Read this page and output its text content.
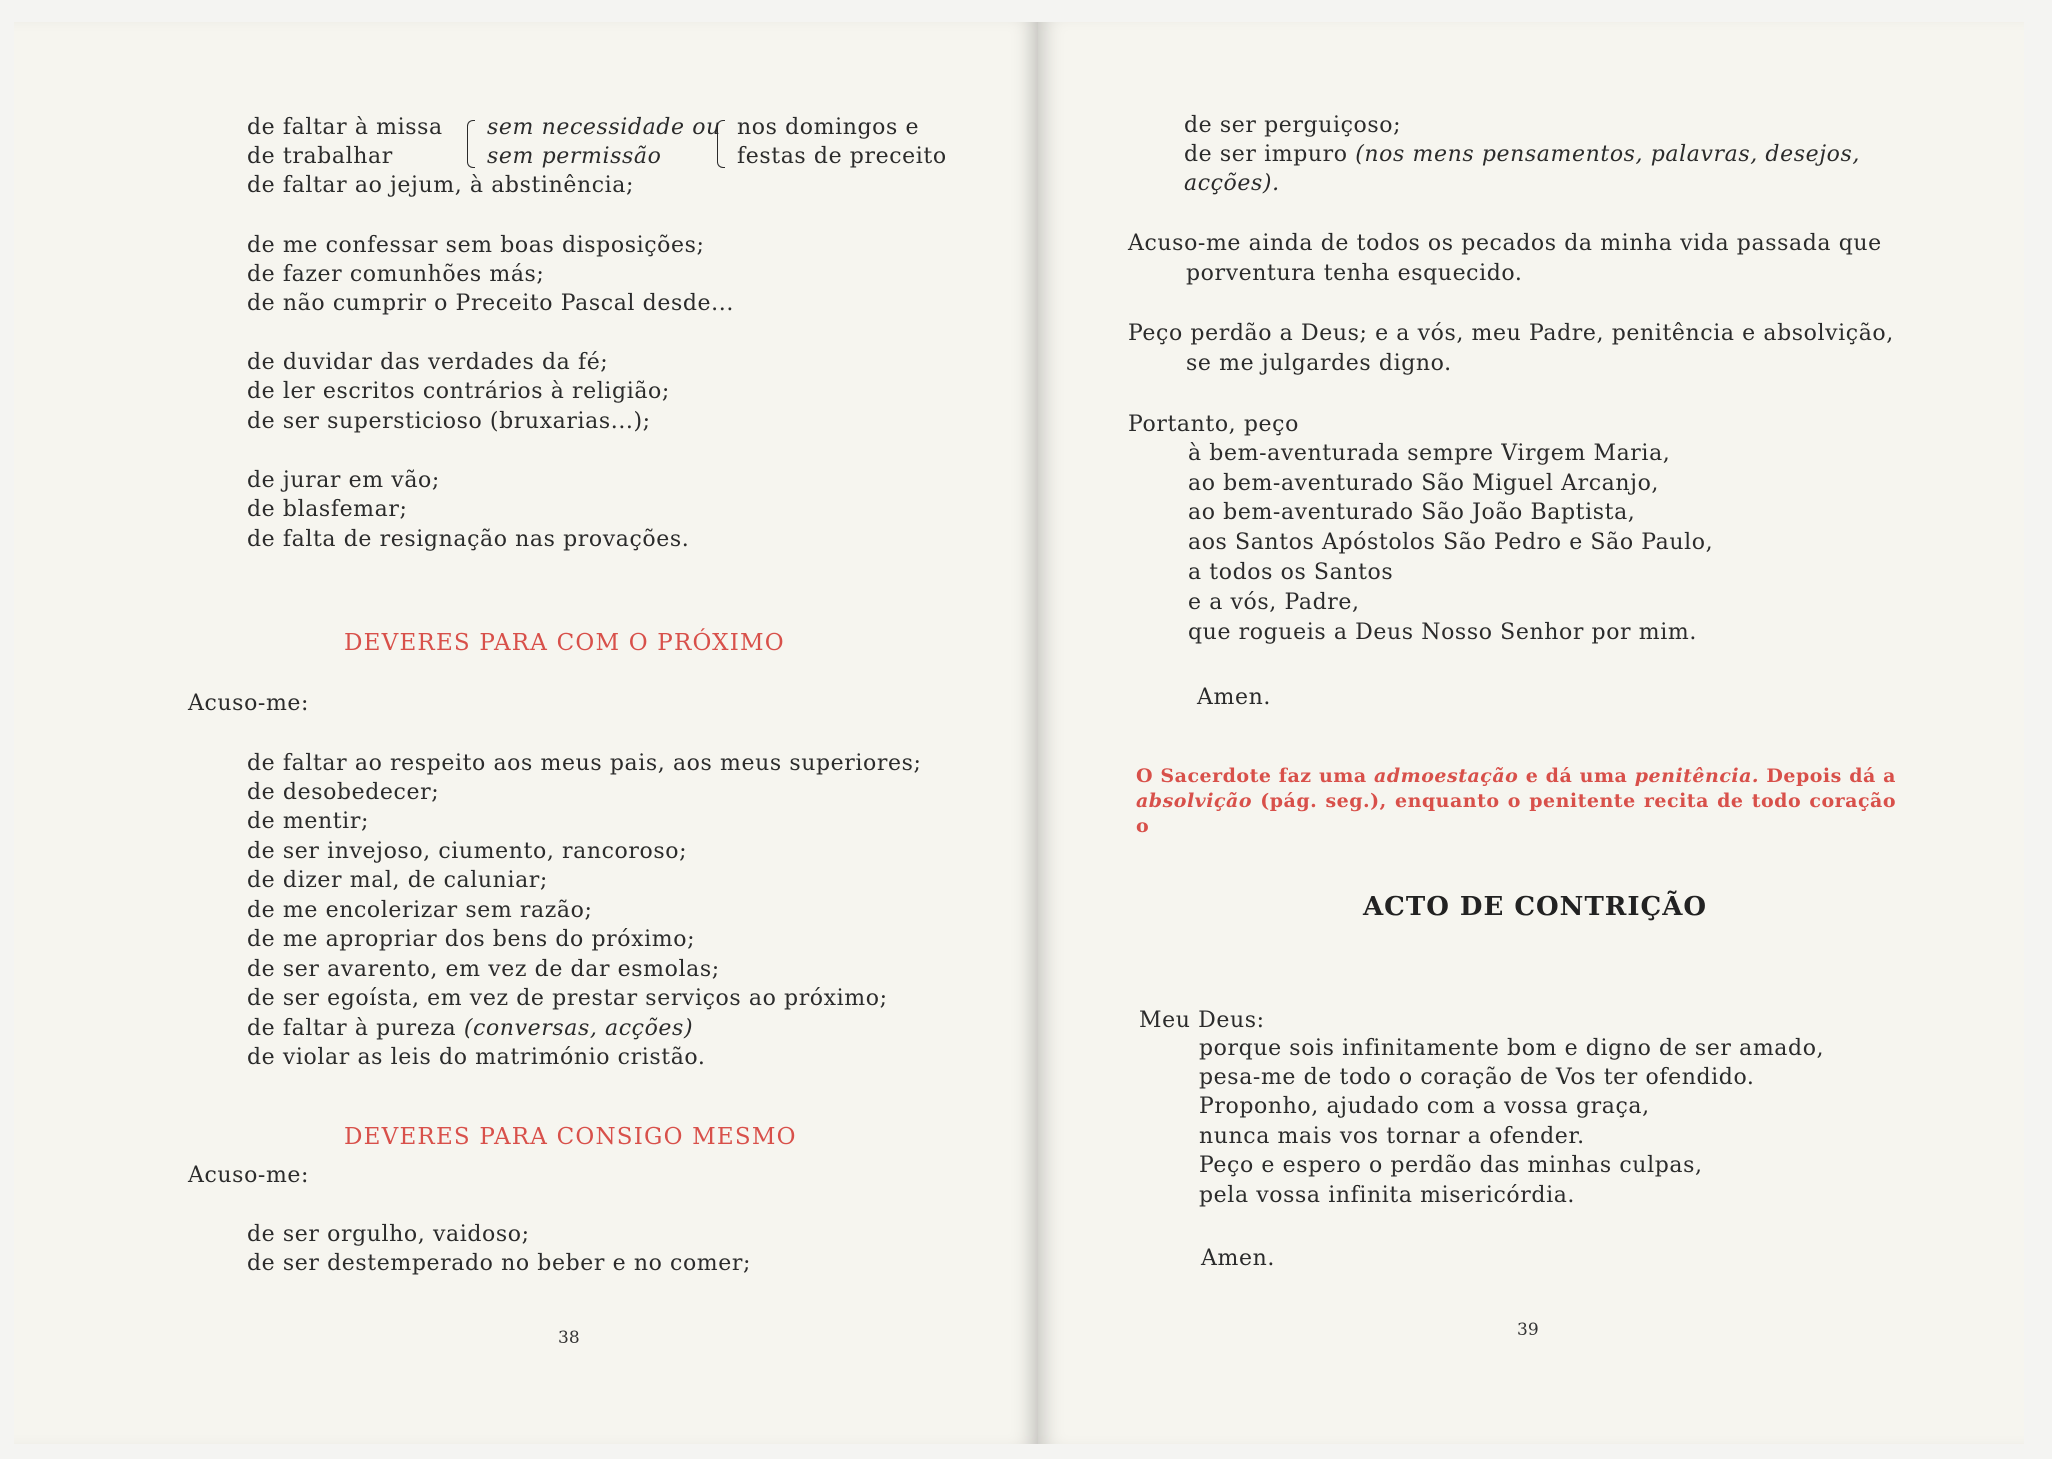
de faltar à missa
de trabalhar
sem necessidade ou
sem permissão
nos domingos e
festas de preceito
de faltar ao jejum, à abstinência;
de me confessar sem boas disposições;
de fazer comunhões más;
de não cumprir o Preceito Pascal desde...
de duvidar das verdades da fé;
de ler escritos contrários à religião;
de ser supersticioso (bruxarias...);
de jurar em vão;
de blasfemar;
de falta de resignação nas provações.
DEVERES PARA COM O PRÓXIMO
Acuso-me:
de faltar ao respeito aos meus pais, aos meus superiores;
de desobedecer;
de mentir;
de ser invejoso, ciumento, rancoroso;
de dizer mal, de caluniar;
de me encolerizar sem razão;
de me apropriar dos bens do próximo;
de ser avarento, em vez de dar esmolas;
de ser egoísta, em vez de prestar serviços ao próximo;
de faltar à pureza (conversas, acções)
de violar as leis do matrimónio cristão.
DEVERES PARA CONSIGO MESMO
Acuso-me:
de ser orgulho, vaidoso;
de ser destemperado no beber e no comer;
38
de ser perguiçoso;
de ser impuro (nos mens pensamentos, palavras, desejos,
acções).
Acuso-me ainda de todos os pecados da minha vida passada que
porventura tenha esquecido.
Peço perdão a Deus; e a vós, meu Padre, penitência e absolvição,
se me julgardes digno.
Portanto, peço
à bem-aventurada sempre Virgem Maria,
ao bem-aventurado São Miguel Arcanjo,
ao bem-aventurado São João Baptista,
aos Santos Apóstolos São Pedro e São Paulo,
a todos os Santos
e a vós, Padre,
que rogueis a Deus Nosso Senhor por mim.
Amen.
O Sacerdote faz uma admoestação e dá uma penitência. Depois dá a absolvição (pág. seg.), enquanto o penitente recita de todo coração o
ACTO DE CONTRIÇÃO
Meu Deus:
porque sois infinitamente bom e digno de ser amado,
pesa-me de todo o coração de Vos ter ofendido.
Proponho, ajudado com a vossa graça,
nunca mais vos tornar a ofender.
Peço e espero o perdão das minhas culpas,
pela vossa infinita misericórdia.
Amen.
39
